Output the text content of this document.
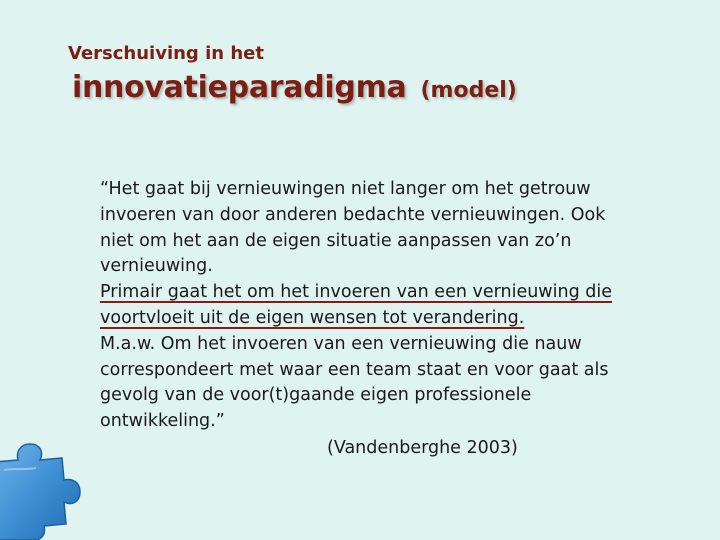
Verschuiving in het
innovatieparadigma (model)
“Het gaat bij vernieuwingen niet langer om het getrouw
invoeren van door anderen bedachte vernieuwingen. Ook
niet om het aan de eigen situatie aanpassen van zo’n
vernieuwing.
Primair gaat het om het invoeren van een vernieuwing die
voortvloeit uit de eigen wensen tot verandering.
M.a.w. Om het invoeren van een vernieuwing die nauw
correspondeert met waar een team staat en voor gaat als
gevolg van de voor(t)gaande eigen professionele
ontwikkeling.”
(Vandenberghe 2003)
